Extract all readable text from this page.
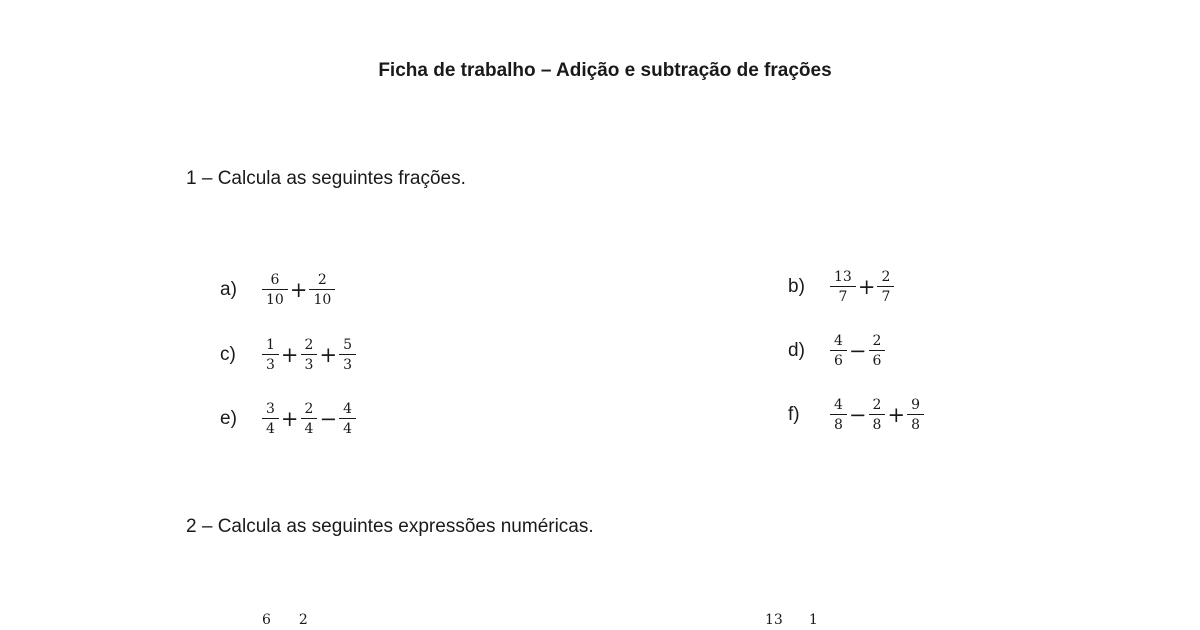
Ficha de trabalho – Adição e subtração de frações
1 – Calcula as seguintes frações.
a)	$\frac{6}{10} + \frac{2}{10}$	b)	$\frac{13}{7} + \frac{2}{7}$
c)	$\frac{1}{3} + \frac{2}{3} + \frac{5}{3}$	d)	$\frac{4}{6} - \frac{2}{6}$
e)	$\frac{3}{4} + \frac{2}{4} - \frac{4}{4}$	f)	$\frac{4}{8} - \frac{2}{8} + \frac{9}{8}$
2 – Calcula as seguintes expressões numéricas.
6 2	13 1
